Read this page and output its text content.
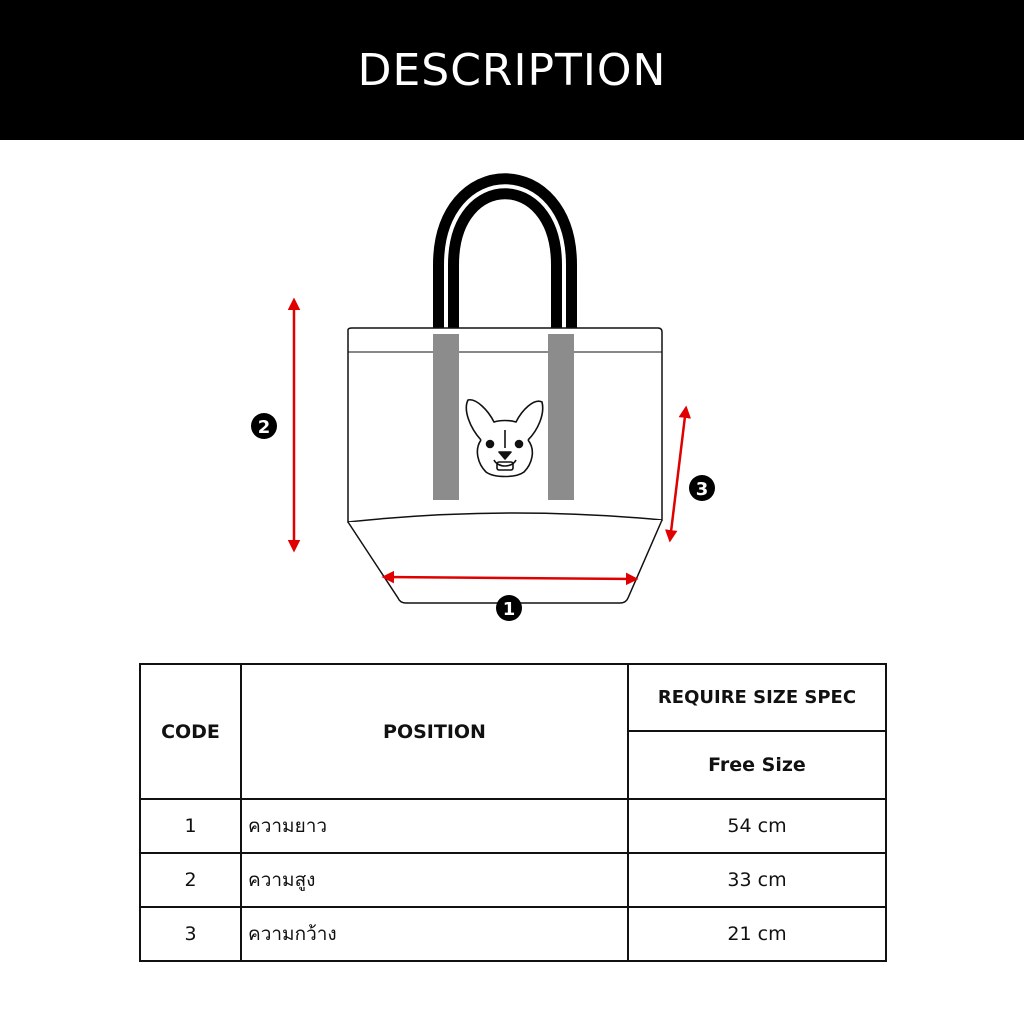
DESCRIPTION
1
2
3
CODE	POSITION	REQUIRE SIZE SPEC
		Free Size
1	ความยาว	54 cm
2	ความสูง	33 cm
3	ความกว้าง	21 cm
